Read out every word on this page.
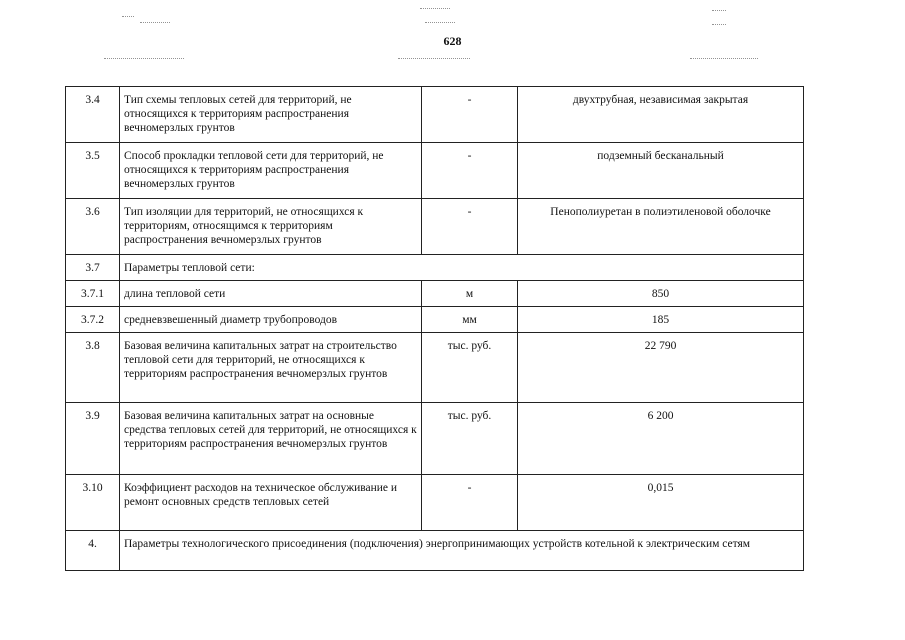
628
3.4	Тип схемы тепловых сетей для территорий, не относящихся к территориям распространения вечномерзлых грунтов	-	двухтрубная, независимая закрытая
3.5	Способ прокладки тепловой сети для территорий, не относящихся к территориям распространения вечномерзлых грунтов	-	подземный бесканальный
3.6	Тип изоляции для территорий, не относящихся к территориям, относящимся к территориям распространения вечномерзлых грунтов	-	Пенополиуретан в полиэтиленовой оболочке
3.7	Параметры тепловой сети:		
3.7.1	длина тепловой сети	м	850
3.7.2	средневзвешенный диаметр трубопроводов	мм	185
3.8	Базовая величина капитальных затрат на строительство тепловой сети для территорий, не относящихся к территориям распространения вечномерзлых грунтов	тыс. руб.	22 790
3.9	Базовая величина капитальных затрат на основные средства тепловых сетей для территорий, не относящихся к территориям распространения вечномерзлых грунтов	тыс. руб.	6 200
3.10	Коэффициент расходов на техническое обслуживание и ремонт основных средств тепловых сетей	-	0,015
4.	Параметры технологического присоединения (подключения) энергопринимающих устройств котельной к электрическим сетям		
